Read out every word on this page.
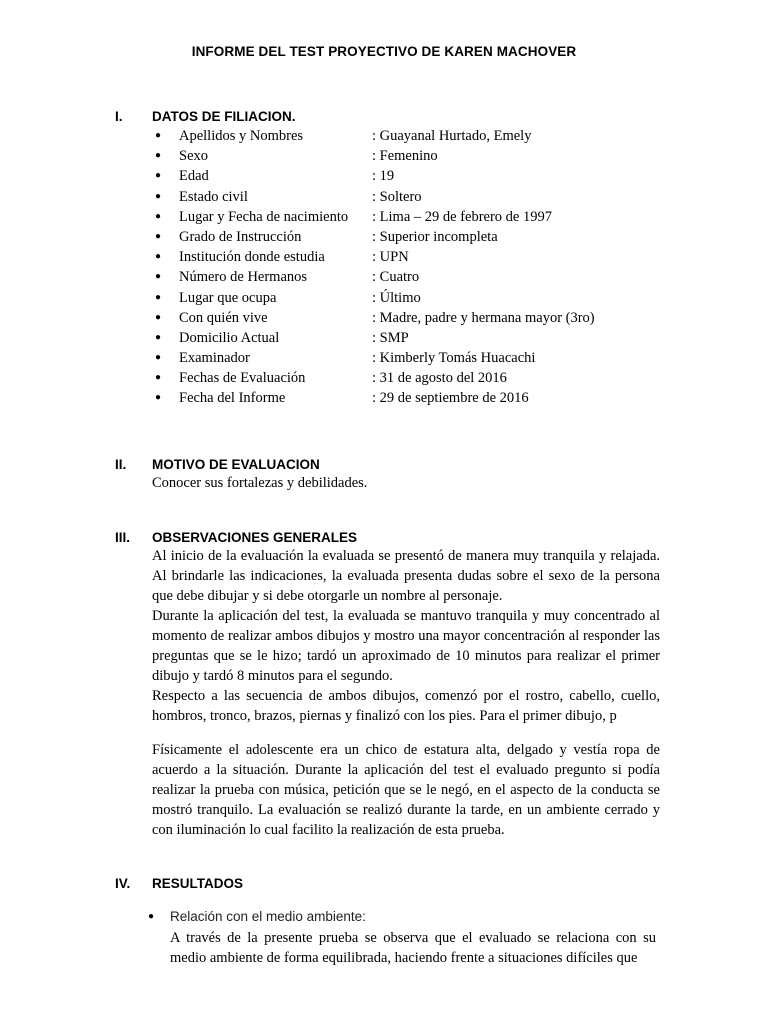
INFORME DEL TEST PROYECTIVO DE KAREN MACHOVER
I. DATOS DE FILIACION.
● Apellidos y Nombres	: Guayanal Hurtado, Emely
● Sexo	: Femenino
● Edad	: 19
● Estado civil	: Soltero
● Lugar y Fecha de nacimiento : Lima – 29 de febrero de 1997
● Grado de Instrucción	: Superior incompleta
● Institución donde estudia	: UPN
● Número de Hermanos	: Cuatro
● Lugar que ocupa	: Último
● Con quién vive	: Madre, padre y hermana mayor (3ro)
● Domicilio Actual	: SMP
● Examinador	: Kimberly Tomás Huacachi
● Fechas de Evaluación	: 31 de agosto del 2016
● Fecha del Informe	: 29 de septiembre de 2016
II. MOTIVO DE EVALUACION
Conocer sus fortalezas y debilidades.
III. OBSERVACIONES GENERALES

Al inicio de la evaluación la evaluada se presentó de manera muy tranquila y relajada. Al brindarle las indicaciones, la evaluada presenta dudas sobre el sexo de la persona que debe dibujar y si debe otorgarle un nombre al personaje.

Durante la aplicación del test, la evaluada se mantuvo tranquila y muy concentrado al momento de realizar ambos dibujos y mostro una mayor concentración al responder las preguntas que se le hizo; tardó un aproximado de 10 minutos para realizar el primer dibujo y tardó 8 minutos para el segundo.

Respecto a las secuencia de ambos dibujos, comenzó por el rostro, cabello, cuello, hombros, tronco, brazos, piernas y finalizó con los pies. Para el primer dibujo, p

Físicamente el adolescente era un chico de estatura alta, delgado y vestía ropa de acuerdo a la situación. Durante la aplicación del test el evaluado pregunto si podía realizar la prueba con música, petición que se le negó, en el aspecto de la conducta se mostró tranquilo. La evaluación se realizó durante la tarde, en un ambiente cerrado y con iluminación lo cual facilito la realización de esta prueba.
IV. RESULTADOS
● Relación con el medio ambiente:
A través de la presente prueba se observa que el evaluado se relaciona con su medio ambiente de forma equilibrada, haciendo frente a situaciones difíciles que
